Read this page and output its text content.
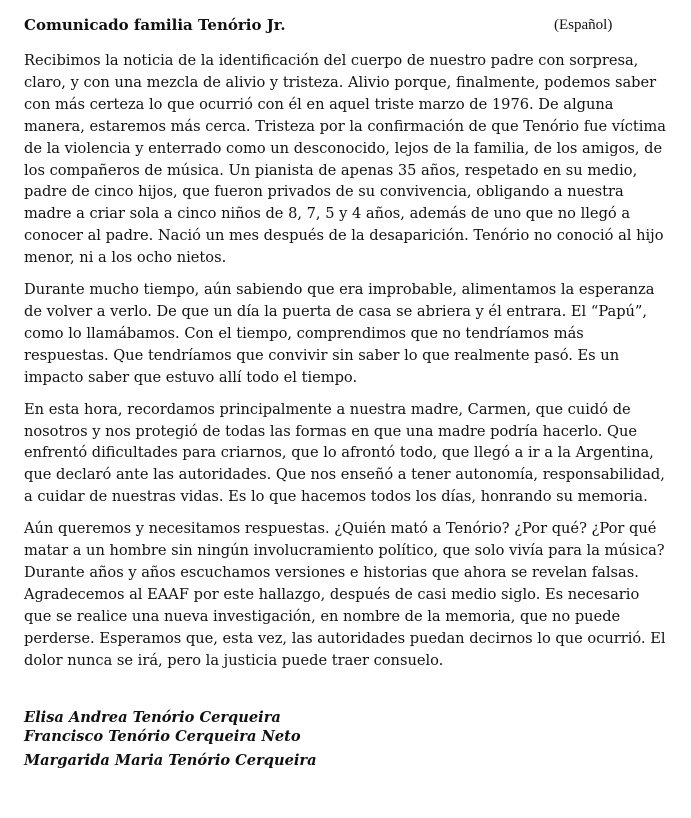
Comunicado familia Tenório Jr.	(Español)

Recibimos la noticia de la identificación del cuerpo de nuestro padre con sorpresa, claro, y con una mezcla de alivio y tristeza. Alivio porque, finalmente, podemos saber con más certeza lo que ocurrió con él en aquel triste marzo de 1976. De alguna manera, estaremos más cerca. Tristeza por la confirmación de que Tenório fue víctima de la violencia y enterrado como un desconocido, lejos de la familia, de los amigos, de los compañeros de música. Un pianista de apenas 35 años, respetado en su medio, padre de cinco hijos, que fueron privados de su convivencia, obligando a nuestra madre a criar sola a cinco niños de 8, 7, 5 y 4 años, además de uno que no llegó a conocer al padre. Nació un mes después de la desaparición. Tenório no conoció al hijo menor, ni a los ocho nietos.

Durante mucho tiempo, aún sabiendo que era improbable, alimentamos la esperanza de volver a verlo. De que un día la puerta de casa se abriera y él entrara. El “Papú”, como lo llamábamos. Con el tiempo, comprendimos que no tendríamos más respuestas. Que tendríamos que convivir sin saber lo que realmente pasó. Es un impacto saber que estuvo allí todo el tiempo.

En esta hora, recordamos principalmente a nuestra madre, Carmen, que cuidó de nosotros y nos protegió de todas las formas en que una madre podría hacerlo. Que enfrentó dificultades para criarnos, que lo afrontó todo, que llegó a ir a la Argentina, que declaró ante las autoridades. Que nos enseñó a tener autonomía, responsabilidad, a cuidar de nuestras vidas. Es lo que hacemos todos los días, honrando su memoria.

Aún queremos y necesitamos respuestas. ¿Quién mató a Tenório? ¿Por qué? ¿Por qué matar a un hombre sin ningún involucramiento político, que solo vivía para la música? Durante años y años escuchamos versiones e historias que ahora se revelan falsas. Agradecemos al EAAF por este hallazgo, después de casi medio siglo. Es necesario que se realice una nueva investigación, en nombre de la memoria, que no puede perderse. Esperamos que, esta vez, las autoridades puedan decirnos lo que ocurrió. El dolor nunca se irá, pero la justicia puede traer consuelo.

Elisa Andrea Tenório Cerqueira
Francisco Tenório Cerqueira Neto
Margarida Maria Tenório Cerqueira
